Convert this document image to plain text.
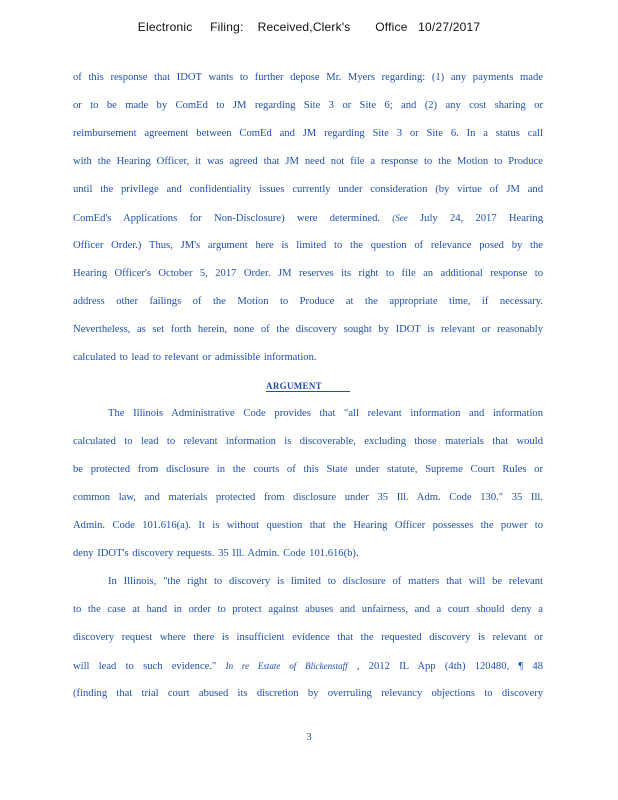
Electronic     Filing:    Received,Clerk's       Office   10/27/2017
of this response that IDOT wants to further depose Mr. Myers regarding: (1) any payments made
or to be made by ComEd to JM regarding Site 3 or Site 6; and (2) any cost sharing or
reimbursement agreement between ComEd and JM regarding Site 3 or Site 6. In a status call
with the Hearing Officer, it was agreed that JM need not file a response to the Motion to Produce
until the privilege and confidentiality issues currently under consideration (by virtue of JM and
ComEd's Applications for Non-Disclosure) were determined. (See July 24, 2017 Hearing
Officer Order.) Thus, JM's argument here is limited to the question of relevance posed by the
Hearing Officer's October 5, 2017 Order. JM reserves its right to file an additional response to
address other failings of the Motion to Produce at the appropriate time, if necessary.
Nevertheless, as set forth herein, none of the discovery sought by IDOT is relevant or reasonably
calculated to lead to relevant or admissible information.
ARGUMENT
The Illinois Administrative Code provides that "all relevant information and information
calculated to lead to relevant information is discoverable, excluding those materials that would
be protected from disclosure in the courts of this State under statute, Supreme Court Rules or
common law, and materials protected from disclosure under 35 Ill. Adm. Code 130." 35 Ill.
Admin. Code 101.616(a). It is without question that the Hearing Officer possesses the power to
deny IDOT's discovery requests. 35 Ill. Admin. Code 101.616(b).
In Illinois, "the right to discovery is limited to disclosure of matters that will be relevant
to the case at hand in order to protect against abuses and unfairness, and a court should deny a
discovery request where there is insufficient evidence that the requested discovery is relevant or
will lead to such evidence." In re Estate of Blickenstaff , 2012 IL App (4th) 120480, ¶ 48
(finding that trial court abused its discretion by overruling relevancy objections to discovery
3
